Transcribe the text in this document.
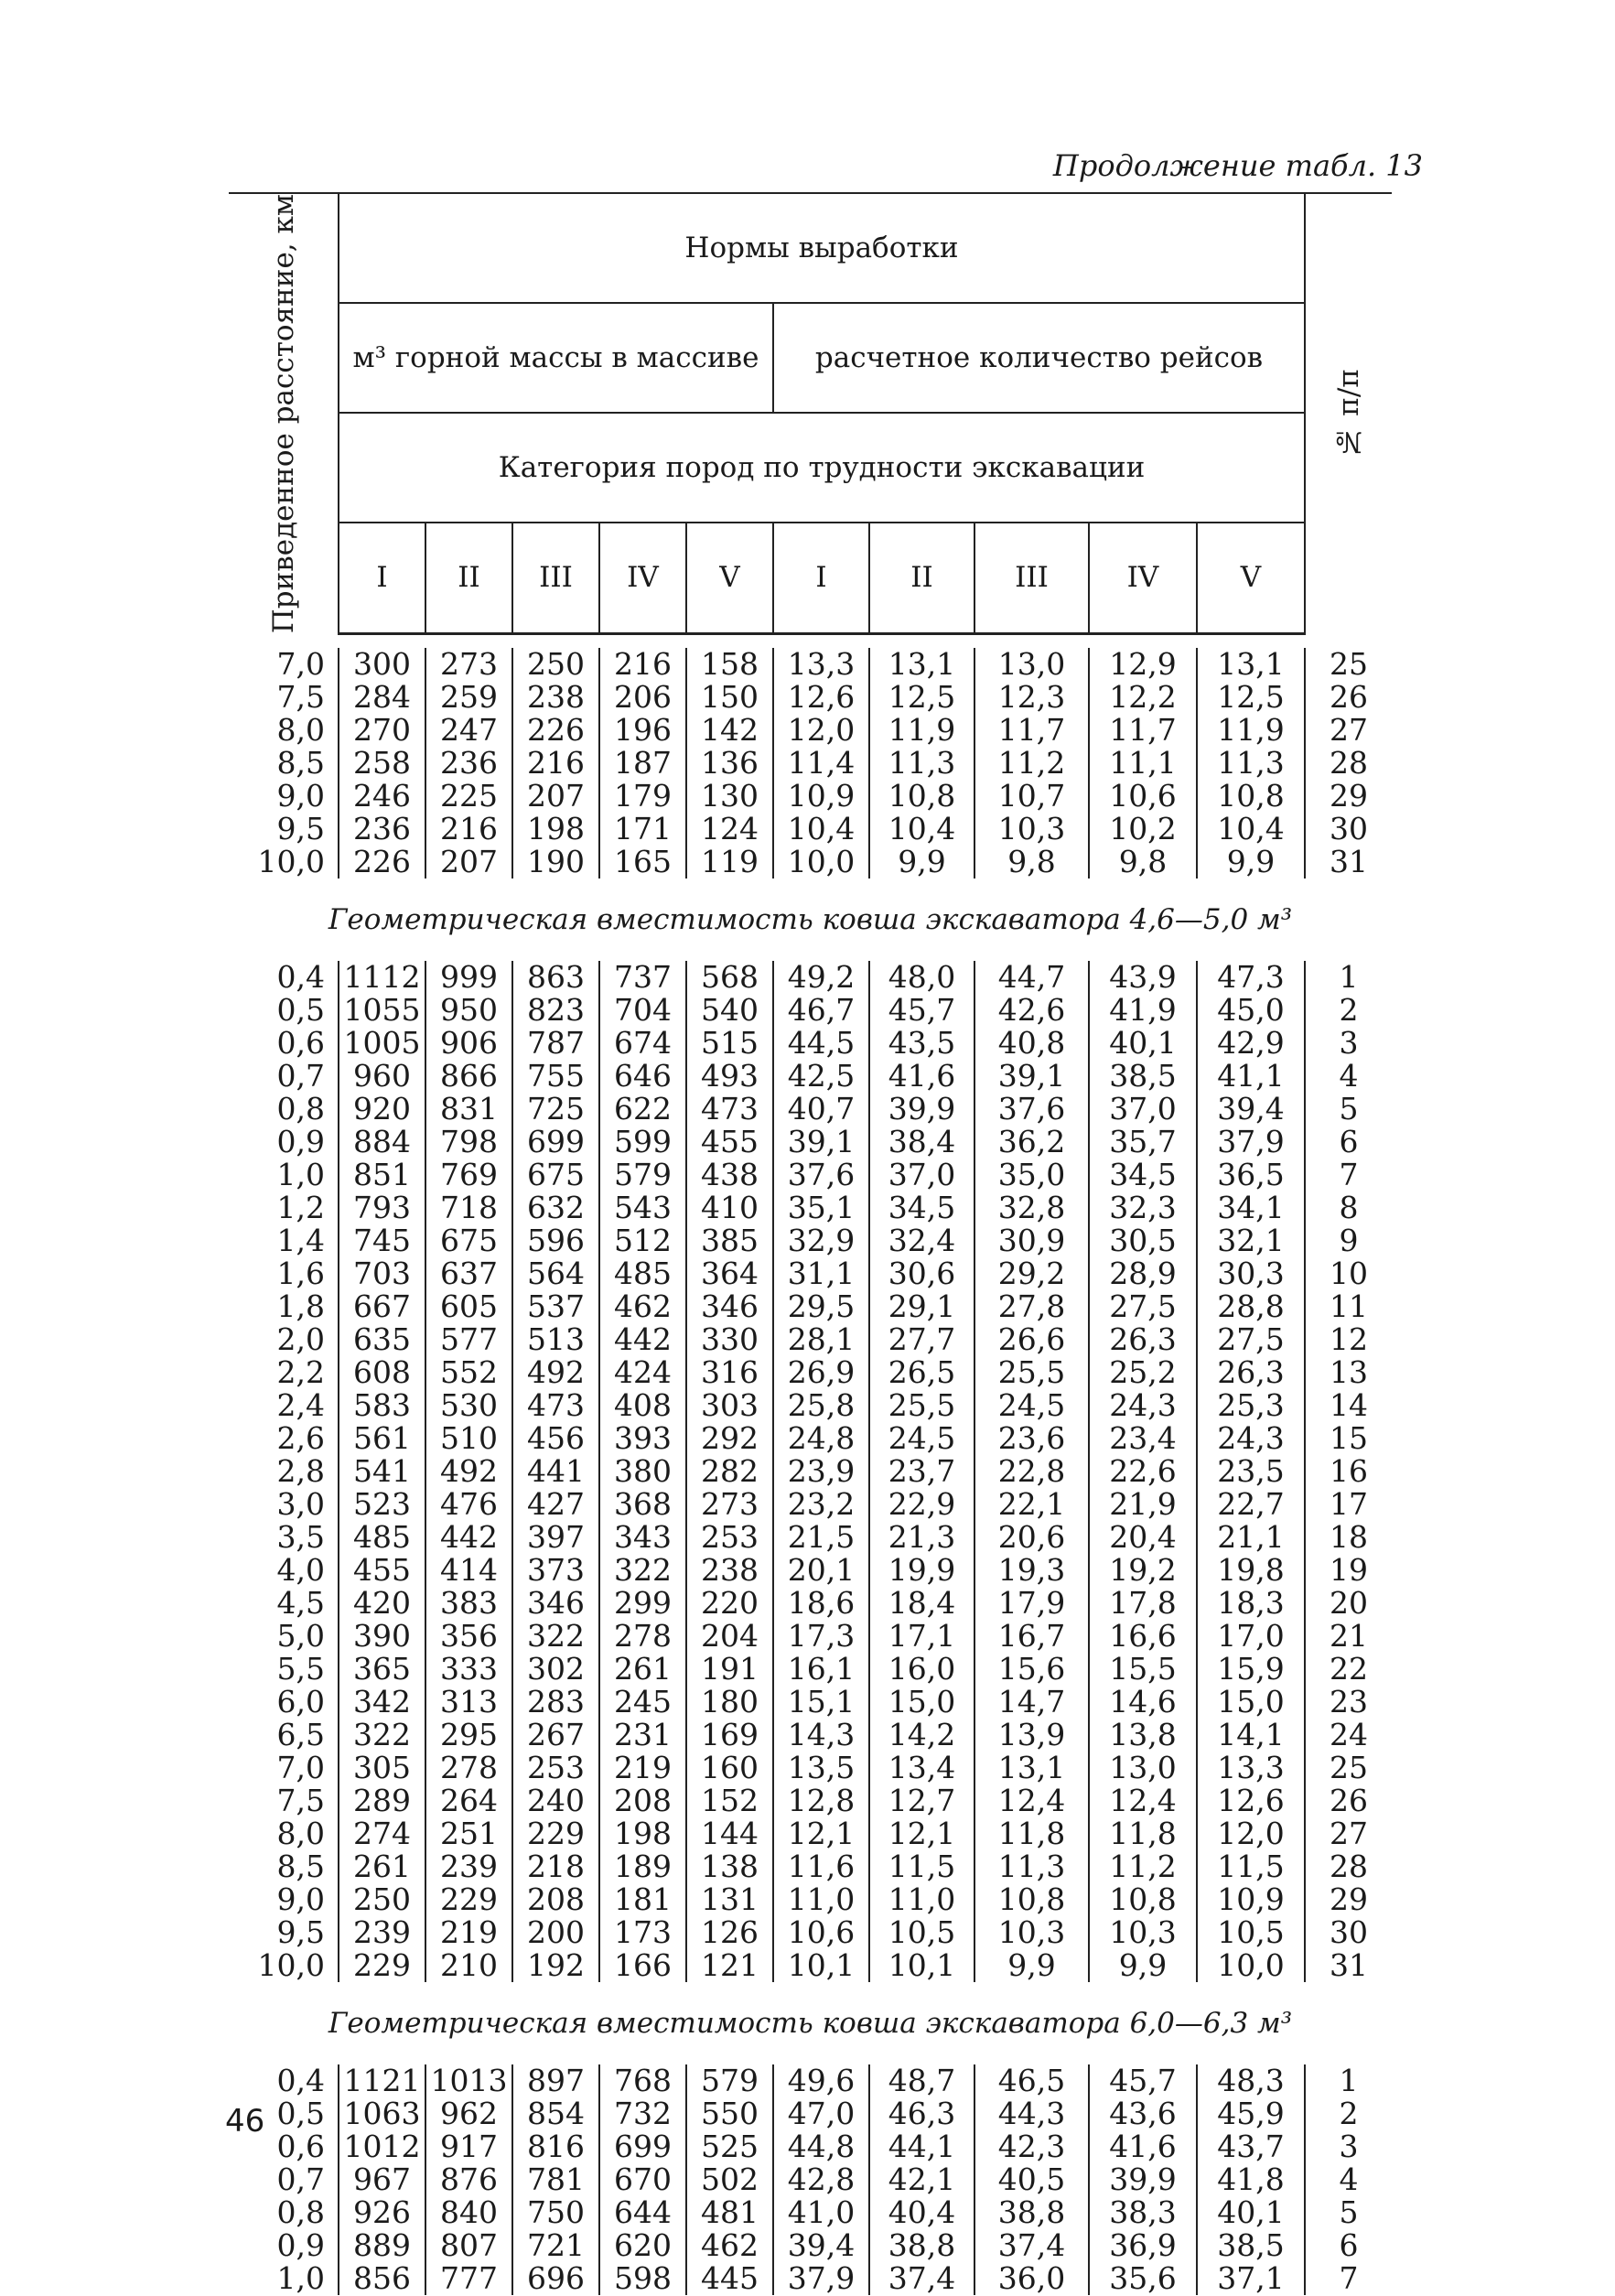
Продолжение табл. 13
Приведенное расстояние, км	Нормы выработки										№ п/п

	м³ горной массы в массиве					расчетное количество рейсов					
	Категория пород по трудности экскавации										
	I	II	III	IV	V	I	II	III	IV	V	

7,0	300	273	250	216	158	13,3	13,1	13,0	12,9	13,1	25
7,5	284	259	238	206	150	12,6	12,5	12,3	12,2	12,5	26
8,0	270	247	226	196	142	12,0	11,9	11,7	11,7	11,9	27
8,5	258	236	216	187	136	11,4	11,3	11,2	11,1	11,3	28
9,0	246	225	207	179	130	10,9	10,8	10,7	10,6	10,8	29
9,5	236	216	198	171	124	10,4	10,4	10,3	10,2	10,4	30
10,0	226	207	190	165	119	10,0	9,9	9,8	9,8	9,9	31
Геометрическая вместимость ковша экскаватора 4,6—5,0 м³											
0,4	1112	999	863	737	568	49,2	48,0	44,7	43,9	47,3	1
0,5	1055	950	823	704	540	46,7	45,7	42,6	41,9	45,0	2
0,6	1005	906	787	674	515	44,5	43,5	40,8	40,1	42,9	3
0,7	960	866	755	646	493	42,5	41,6	39,1	38,5	41,1	4
0,8	920	831	725	622	473	40,7	39,9	37,6	37,0	39,4	5
0,9	884	798	699	599	455	39,1	38,4	36,2	35,7	37,9	6
1,0	851	769	675	579	438	37,6	37,0	35,0	34,5	36,5	7
1,2	793	718	632	543	410	35,1	34,5	32,8	32,3	34,1	8
1,4	745	675	596	512	385	32,9	32,4	30,9	30,5	32,1	9
1,6	703	637	564	485	364	31,1	30,6	29,2	28,9	30,3	10
1,8	667	605	537	462	346	29,5	29,1	27,8	27,5	28,8	11
2,0	635	577	513	442	330	28,1	27,7	26,6	26,3	27,5	12
2,2	608	552	492	424	316	26,9	26,5	25,5	25,2	26,3	13
2,4	583	530	473	408	303	25,8	25,5	24,5	24,3	25,3	14
2,6	561	510	456	393	292	24,8	24,5	23,6	23,4	24,3	15
2,8	541	492	441	380	282	23,9	23,7	22,8	22,6	23,5	16
3,0	523	476	427	368	273	23,2	22,9	22,1	21,9	22,7	17
3,5	485	442	397	343	253	21,5	21,3	20,6	20,4	21,1	18
4,0	455	414	373	322	238	20,1	19,9	19,3	19,2	19,8	19
4,5	420	383	346	299	220	18,6	18,4	17,9	17,8	18,3	20
5,0	390	356	322	278	204	17,3	17,1	16,7	16,6	17,0	21
5,5	365	333	302	261	191	16,1	16,0	15,6	15,5	15,9	22
6,0	342	313	283	245	180	15,1	15,0	14,7	14,6	15,0	23
6,5	322	295	267	231	169	14,3	14,2	13,9	13,8	14,1	24
7,0	305	278	253	219	160	13,5	13,4	13,1	13,0	13,3	25
7,5	289	264	240	208	152	12,8	12,7	12,4	12,4	12,6	26
8,0	274	251	229	198	144	12,1	12,1	11,8	11,8	12,0	27
8,5	261	239	218	189	138	11,6	11,5	11,3	11,2	11,5	28
9,0	250	229	208	181	131	11,0	11,0	10,8	10,8	10,9	29
9,5	239	219	200	173	126	10,6	10,5	10,3	10,3	10,5	30
10,0	229	210	192	166	121	10,1	10,1	9,9	9,9	10,0	31
Геометрическая вместимость ковша экскаватора 6,0—6,3 м³											
0,4	1121	1013	897	768	579	49,6	48,7	46,5	45,7	48,3	1
0,5	1063	962	854	732	550	47,0	46,3	44,3	43,6	45,9	2
0,6	1012	917	816	699	525	44,8	44,1	42,3	41,6	43,7	3
0,7	967	876	781	670	502	42,8	42,1	40,5	39,9	41,8	4
0,8	926	840	750	644	481	41,0	40,4	38,8	38,3	40,1	5
0,9	889	807	721	620	462	39,4	38,8	37,4	36,9	38,5	6
1,0	856	777	696	598	445	37,9	37,4	36,0	35,6	37,1	7
46
